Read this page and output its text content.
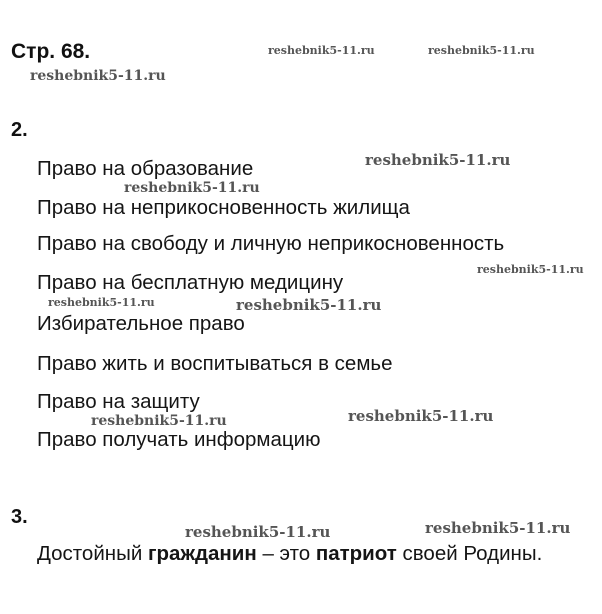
Стр. 68.
2.
Право на образование
Право на неприкосновенность жилища
Право на свободу и личную неприкосновенность
Право на бесплатную медицину
Избирательное право
Право жить и воспитываться в семье
Право на защиту
Право получать информацию
3.
Достойный гражданин – это патриот своей Родины.
reshebnik5-11.ru	reshebnik5-11.ru
reshebnik5-11.ru
reshebnik5-11.ru
reshebnik5-11.ru
reshebnik5-11.ru
reshebnik5-11.ru	reshebnik5-11.ru
reshebnik5-11.ru	reshebnik5-11.ru
reshebnik5-11.ru	reshebnik5-11.ru
